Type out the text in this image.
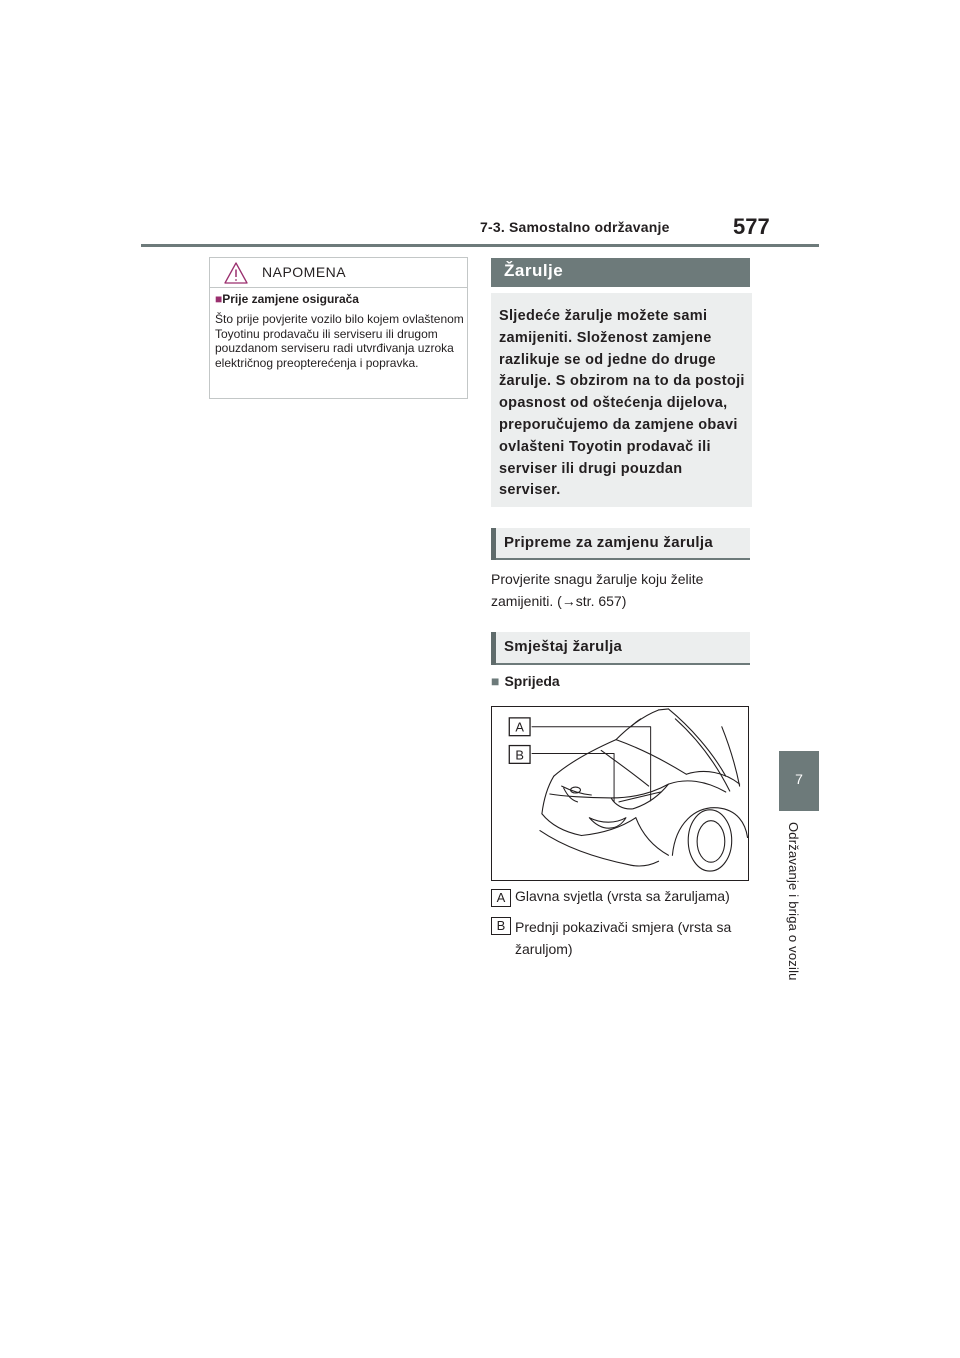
7-3. Samostalno održavanje	577
7
Održavanje i briga o vozilu
NAPOMENA
■Prije zamjene osigurača
Što prije povjerite vozilo bilo kojem ovlaštenom Toyotinu prodavaču ili serviseru ili drugom pouzdanom serviseru radi utvrđivanja uzroka električnog preopterećenja i popravka.
Žarulje
Sljedeće žarulje možete sami zamijeniti. Složenost zamjene razlikuje se od jedne do druge žarulje. S obzirom na to da postoji opasnost od oštećenja dijelova, preporučujemo da zamjene obavi ovlašteni Toyotin prodavač ili serviser ili drugi pouzdan serviser.
Pripreme za zamjenu žarulja
Provjerite snagu žarulje koju želite zamijeniti. (→str. 657)
Smještaj žarulja
■ Sprijeda
A
B
A Glavna svjetla (vrsta sa žaruljama)
B Prednji pokazivači smjera (vrsta sa žaruljom)
